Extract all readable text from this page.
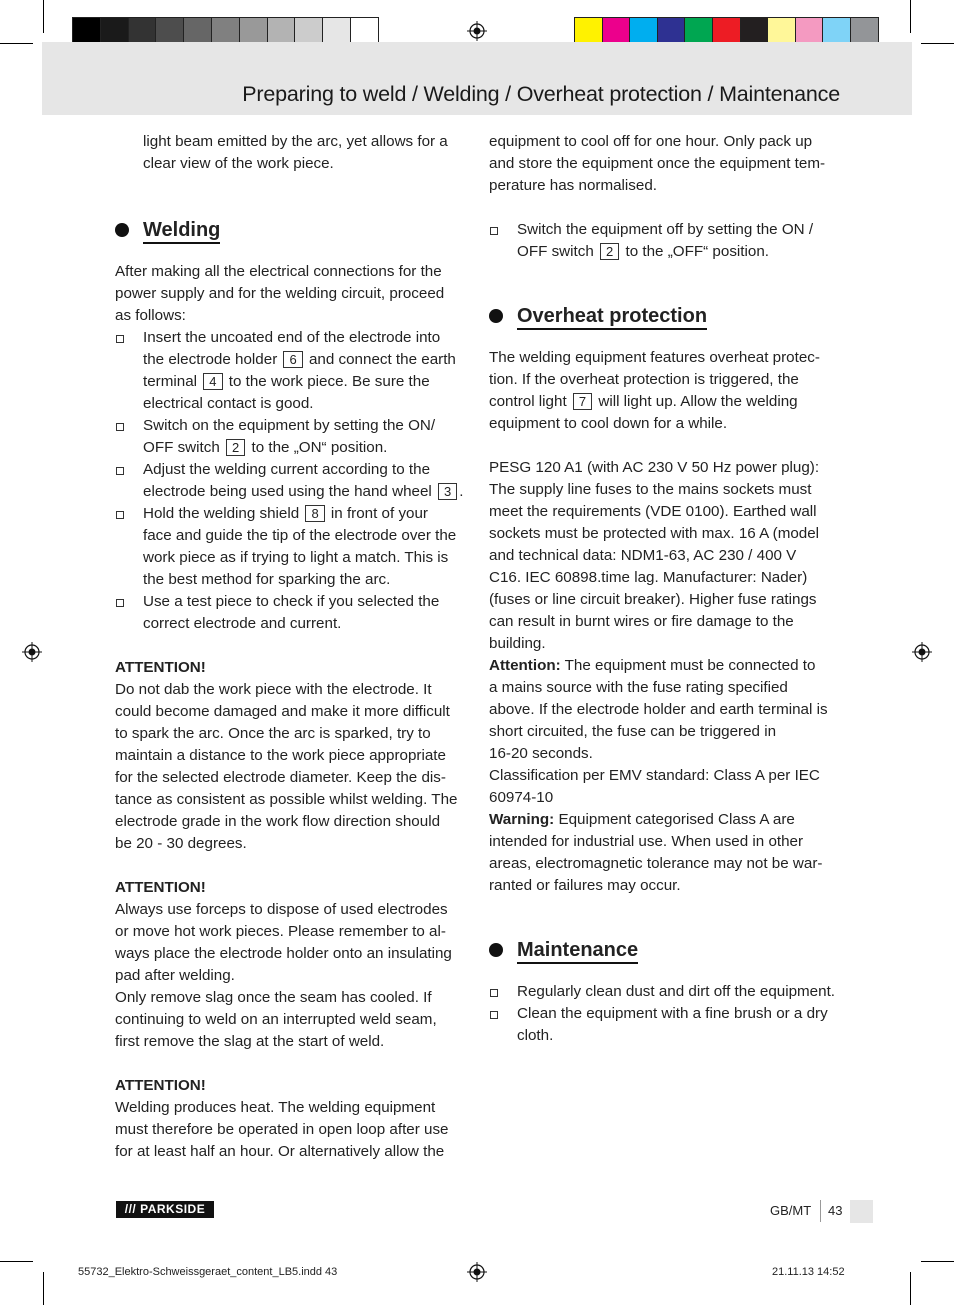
Preparing to weld / Welding / Overheat protection / Maintenance

light beam emitted by the arc, yet allows for a
clear view of the work piece.

Welding

After making all the electrical connections for the
power supply and for the welding circuit, proceed
as follows:

Insert the uncoated end of the electrode into
the electrode holder 6 and connect the earth
terminal 4 to the work piece. Be sure the
electrical contact is good.
Switch on the equipment by setting the ON/
OFF switch 2 to the „ON“ position.
Adjust the welding current according to the
electrode being used using the hand wheel 3 .
Hold the welding shield 8 in front of your
face and guide the tip of the electrode over the
work piece as if trying to light a match. This is
the best method for sparking the arc.
Use a test piece to check if you selected the
correct electrode and current.

ATTENTION!

Do not dab the work piece with the electrode. It
could become damaged and make it more difficult
to spark the arc. Once the arc is sparked, try to
maintain a distance to the work piece appropriate
for the selected electrode diameter. Keep the dis-
tance as consistent as possible whilst welding. The
electrode grade in the work flow direction should
be 20 - 30 degrees.

ATTENTION!

Always use forceps to dispose of used electrodes
or move hot work pieces. Please remember to al-
ways place the electrode holder onto an insulating
pad after welding.
Only remove slag once the seam has cooled. If
continuing to weld on an interrupted weld seam,
first remove the slag at the start of weld.

ATTENTION!

Welding produces heat. The welding equipment
must therefore be operated in open loop after use
for at least half an hour. Or alternatively allow the

equipment to cool off for one hour. Only pack up
and store the equipment once the equipment tem-
perature has normalised.

Switch the equipment off by setting the ON /
OFF switch 2 to the „OFF“ position.
Overheat protection

The welding equipment features overheat protec-
tion. If the overheat protection is triggered, the
control light 7 will light up. Allow the welding
equipment to cool down for a while.

PESG 120 A1 (with AC 230 V 50 Hz power plug):
The supply line fuses to the mains sockets must
meet the requirements (VDE 0100). Earthed wall
sockets must be protected with max. 16 A (model
and technical data: NDM1-63, AC 230 / 400 V
C16. IEC 60898.time lag. Manufacturer: Nader)
(fuses or line circuit breaker). Higher fuse ratings
can result in burnt wires or fire damage to the
building.

Attention: The equipment must be connected to
a mains source with the fuse rating specified
above. If the electrode holder and earth terminal is
short circuited, the fuse can be triggered in
16-20 seconds.
Classification per EMV standard: Class A per IEC
60974-10

Warning: Equipment categorised Class A are
intended for industrial use. When used in other
areas, electromagnetic tolerance may not be war-
ranted or failures may occur.

Maintenance
Regularly clean dust and dirt off the equipment.
Clean the equipment with a fine brush or a dry
cloth.
/// PARKSIDE	GB/MT 43
55732_Elektro-Schweissgeraet_content_LB5.indd 43	21.11.13 14:52
